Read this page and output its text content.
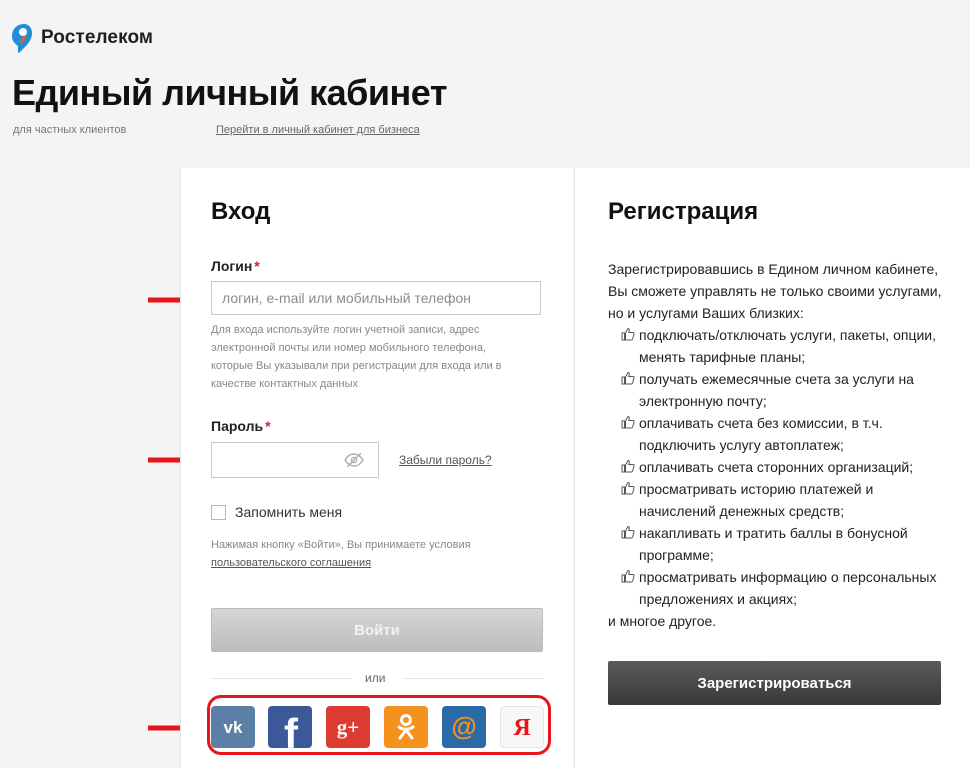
Ростелеком
Единый личный кабинет
для частных клиентов	Перейти в личный кабинет для бизнеса
Вход
Логин *
логин, e-mail или мобильный телефон
Для входа используйте логин учетной записи, адрес электронной почты или номер мобильного телефона, которые Вы указывали при регистрации для входа или в качестве контактных данных
Пароль *
Забыли пароль?
Запомнить меня
Нажимая кнопку «Войти», Вы принимаете условия
пользовательского соглашения
Войти
или
vk f g+	ok @ Я
Регистрация
Зарегистрировавшись в Едином личном кабинете, Вы сможете управлять не только своими услугами, но и услугами Ваших близких:
подключать/отключать услуги, пакеты, опции, менять тарифные планы;
получать ежемесячные счета за услуги на электронную почту;
оплачивать счета без комиссии, в т.ч. подключить услугу автоплатеж;
оплачивать счета сторонних организаций;
просматривать историю платежей и начислений денежных средств;
накапливать и тратить баллы в бонусной программе;
просматривать информацию о персональных предложениях и акциях;
и многое другое.
Зарегистрироваться
